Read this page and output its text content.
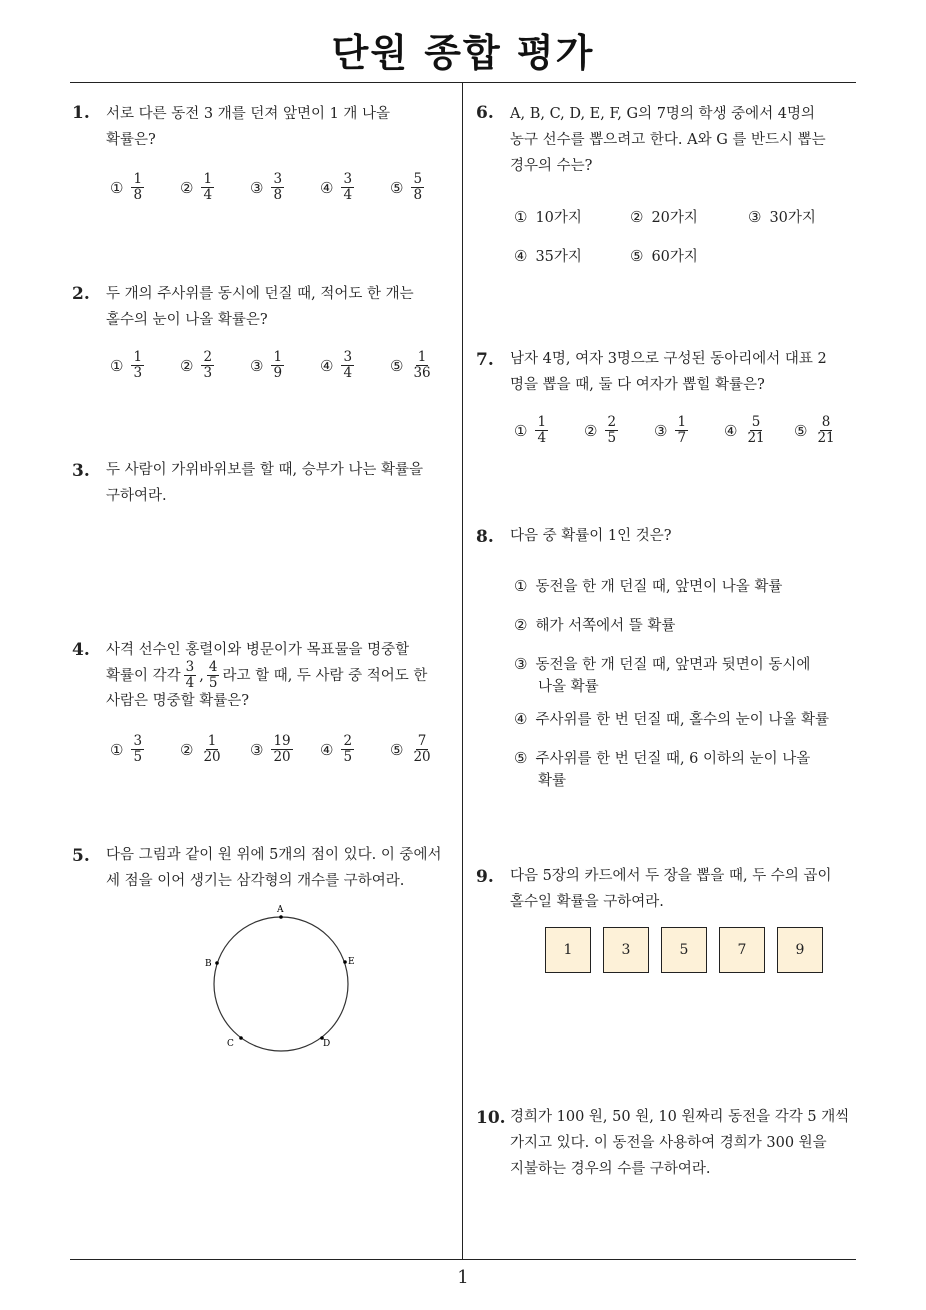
단원 종합 평가
1
1. 서로 다른 동전 3 개를 던져 앞면이 1 개 나올
확률은?
① $\frac{1}{8}$ ② $\frac{1}{4}$ ③ $\frac{3}{8}$ ④ $\frac{3}{4}$ ⑤ $\frac{5}{8}$
2. 두 개의 주사위를 동시에 던질 때, 적어도 한 개는
홀수의 눈이 나올 확률은?
① $\frac{1}{3}$ ② $\frac{2}{3}$ ③ $\frac{1}{9}$ ④ $\frac{3}{4}$ ⑤ $\frac{1}{36}$
3. 두 사람이 가위바위보를 할 때, 승부가 나는 확률을
구하여라.
4. 사격 선수인 홍렬이와 병문이가 목표물을 명중할
확률이 각각 $\frac{3}{4}$ , $\frac{4}{5}$ 라고 할 때, 두 사람 중 적어도 한
사람은 명중할 확률은?
① $\frac{3}{5}$ ② $\frac{1}{20}$ ③ $\frac{19}{20}$ ④ $\frac{2}{5}$ ⑤ $\frac{7}{20}$
5. 다음 그림과 같이 원 위에 5개의 점이 있다. 이 중에서
세 점을 이어 생기는 삼각형의 개수를 구하여라.
A
B
C	D
E
6. A, B, C, D, E, F, G의 7명의 학생 중에서 4명의
농구 선수를 뽑으려고 한다. A와 G 를 반드시 뽑는
경우의 수는?
① 10가지	② 20가지	③ 30가지
④ 35가지	⑤ 60가지
7. 남자 4명, 여자 3명으로 구성된 동아리에서 대표 2
명을 뽑을 때, 둘 다 여자가 뽑힐 확률은?
① $\frac{1}{4}$ ② $\frac{2}{5}$ ③ $\frac{1}{7}$ ④ $\frac{5}{21}$ ⑤ $\frac{8}{21}$
8. 다음 중 확률이 1인 것은?
① 동전을 한 개 던질 때, 앞면이 나올 확률
② 해가 서쪽에서 뜰 확률
③ 동전을 한 개 던질 때, 앞면과 뒷면이 동시에
나올 확률
④ 주사위를 한 번 던질 때, 홀수의 눈이 나올 확률
⑤ 주사위를 한 번 던질 때, 6 이하의 눈이 나올
확률
9. 다음 5장의 카드에서 두 장을 뽑을 때, 두 수의 곱이
홀수일 확률을 구하여라.
1	3	5	7	9
10. 경희가 100 원, 50 원, 10 원짜리 동전을 각각 5 개씩
가지고 있다. 이 동전을 사용하여 경희가 300 원을
지불하는 경우의 수를 구하여라.
